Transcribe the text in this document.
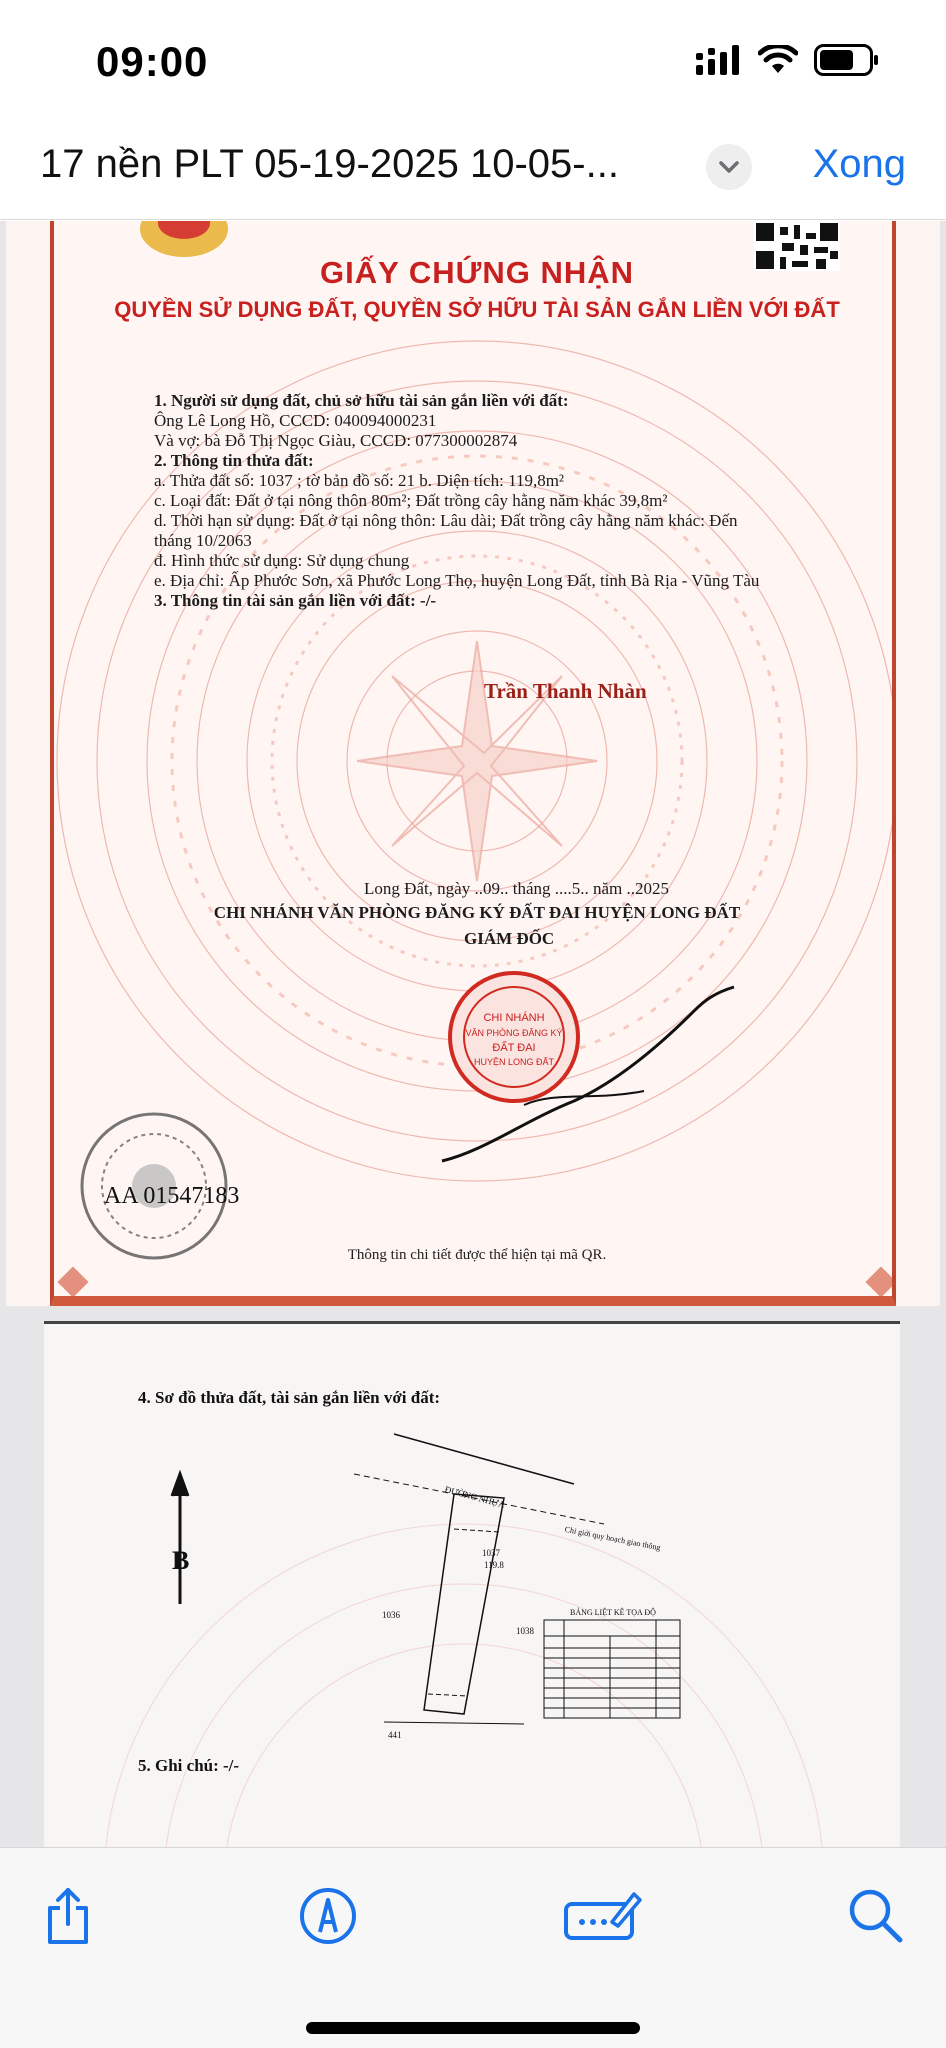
09:00
17 nền PLT 05-19-2025 10-05-...	Xong
CHI NHÁNH
VĂN PHÒNG ĐĂNG KÝ
ĐẤT ĐAI
HUYỆN LONG ĐẤT
GIẤY CHỨNG NHẬN
QUYỀN SỬ DỤNG ĐẤT, QUYỀN SỞ HỮU TÀI SẢN GẮN LIỀN VỚI ĐẤT
1. Người sử dụng đất, chủ sở hữu tài sản gắn liền với đất:
Ông Lê Long Hồ, CCCD: 040094000231
Và vợ: bà Đỗ Thị Ngọc Giàu, CCCD: 077300002874
2. Thông tin thửa đất:
a. Thửa đất số: 1037 ; tờ bản đồ số: 21 b. Diện tích: 119,8m²
c. Loại đất: Đất ở tại nông thôn 80m²; Đất trồng cây hằng năm khác 39,8m²
d. Thời hạn sử dụng: Đất ở tại nông thôn: Lâu dài; Đất trồng cây hằng năm khác: Đến
tháng 10/2063
đ. Hình thức sử dụng: Sử dụng chung
e. Địa chỉ: Ấp Phước Sơn, xã Phước Long Thọ, huyện Long Đất, tỉnh Bà Rịa - Vũng Tàu
3. Thông tin tài sản gắn liền với đất: -/-
Long Đất, ngày ..09.. tháng ....5.. năm ..2025
CHI NHÁNH VĂN PHÒNG ĐĂNG KÝ ĐẤT ĐAI HUYỆN LONG ĐẤT
GIÁM ĐỐC
Trần Thanh Nhàn
AA 01547183
Thông tin chi tiết được thể hiện tại mã QR.
4. Sơ đồ thửa đất, tài sản gắn liền với đất:
ĐƯỜNG NHỰA
Chỉ giới quy hoạch giao thông
1037
119.8
1036
1038
441
B
BẢNG LIỆT KÊ TỌA ĐỘ
5. Ghi chú: -/-
